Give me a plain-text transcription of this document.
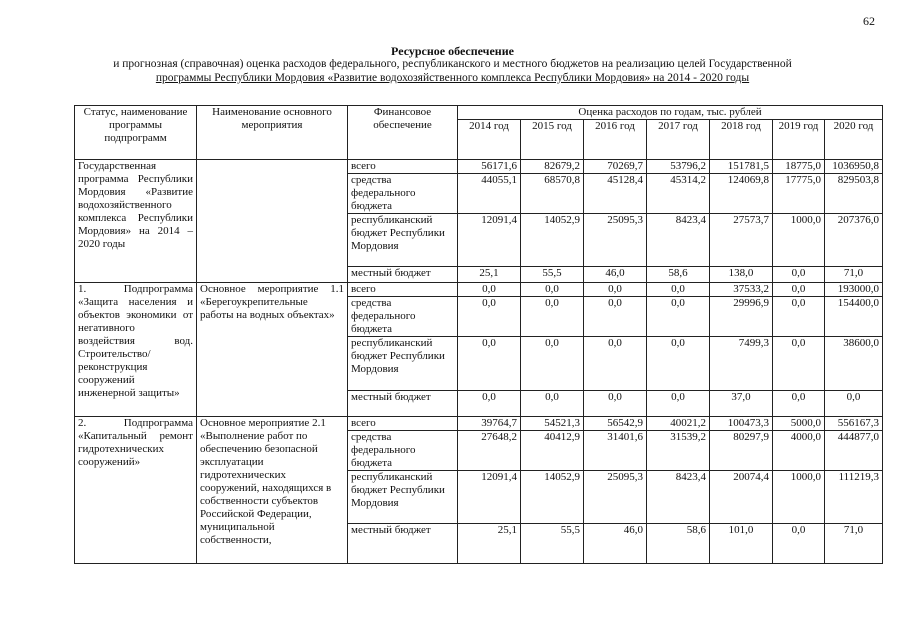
62
Ресурсное обеспечение
и прогнозная (справочная) оценка расходов федерального, республиканского и местного бюджетов на реализацию целей Государственной
программы Республики Мордовия «Развитие водохозяйственного комплекса Республики Мордовия» на 2014 - 2020 годы
Статус, наименование программы подпрограмм	Наименование основного мероприятия	Финансовое обеспечение	Оценка расходов по годам, тыс. рублей						
			2014 год	2015 год	2016 год	2017 год	2018 год	2019 год	2020 год
Государственная программа Республики Мордовия «Развитие водохозяйственного комплекса Республики Мордовия» на 2014 – 2020 годы		всего	56171,6	82679,2	70269,7	53796,2	151781,5	18775,0	1036950,8
		средства федерального бюджета	44055,1	68570,8	45128,4	45314,2	124069,8	17775,0	829503,8
		республиканский бюджет Республики Мордовия	12091,4	14052,9	25095,3	8423,4	27573,7	1000,0	207376,0
		местный бюджет	25,1	55,5	46,0	58,6	138,0	0,0	71,0
1. Подпрограмма «Защита населения и объектов экономики от негативного воздействия вод. Строительство/реконструкция сооружений инженерной защиты»	Основное мероприятие 1.1 «Берегоукрепительные работы на водных объектах»	всего	0,0	0,0	0,0	0,0	37533,2	0,0	193000,0
		средства федерального бюджета	0,0	0,0	0,0	0,0	29996,9	0,0	154400,0
		республиканский бюджет Республики Мордовия	0,0	0,0	0,0	0,0	7499,3	0,0	38600,0
		местный бюджет	0,0	0,0	0,0	0,0	37,0	0,0	0,0
2. Подпрограмма «Капитальный ремонт гидротехнических сооружений»	Основное мероприятие 2.1 «Выполнение работ по обеспечению безопасной эксплуатации гидротехнических сооружений, находящихся в собственности субъектов Российской Федерации, муниципальной собственности,	всего	39764,7	54521,3	56542,9	40021,2	100473,3	5000,0	556167,3
		средства федерального бюджета	27648,2	40412,9	31401,6	31539,2	80297,9	4000,0	444877,0
		республиканский бюджет Республики Мордовия	12091,4	14052,9	25095,3	8423,4	20074,4	1000,0	111219,3
		местный бюджет	25,1	55,5	46,0	58,6	101,0	0,0	71,0
